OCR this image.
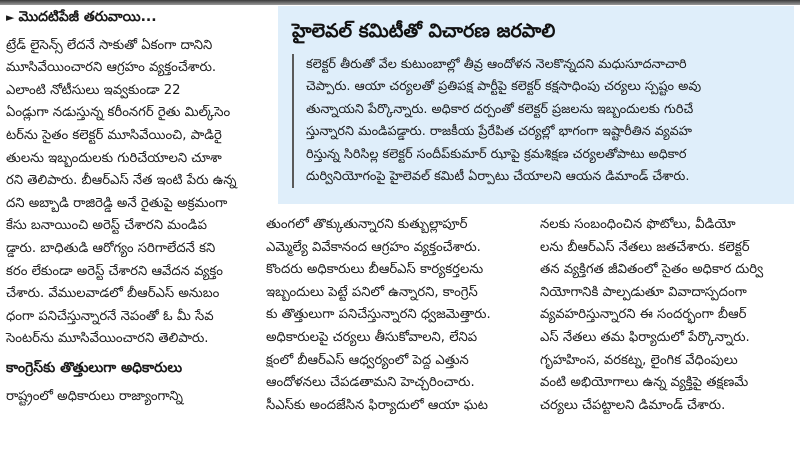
► మొదటిపేజీ తరువాయి...

ట్రేడ్ లైసెన్స్ లేదనే సాకుతో ఏకంగా దానిని

మూసివేయించారని ఆగ్రహం వ్యక్తంచేశారు.

ఎలాంటి నోటీసులు ఇవ్వకుండా 22

ఏండ్లుగా నడుస్తున్న కరీంనగర్ రైతు మిల్క్‌సెం

టర్‌ను సైతం కలెక్టర్ మూసివేయించి, పాడిరై

తులను ఇబ్బందులకు గురిచేయాలని చూశా

రని తెలిపారు. బీఆర్‌ఎస్ నేత ఇంటి పేరు ఉన్న

దని అబ్బాడి రాజిరెడ్డి అనే రైతుపై అక్రమంగా

కేసు బనాయించి అరెస్ట్ చేశారని మండిప

డ్డారు. బాధితుడి ఆరోగ్యం సరిగాలేదనే కని

కరం లేకుండా అరెస్ట్ చేశారని ఆవేదన వ్యక్తం

చేశారు. వేములవాడలో బీఆర్‌ఎస్ అనుబం

ధంగా పనిచేస్తున్నారనే నెపంతో ఓ మీ సేవ

సెంటర్‌ను మూసివేయించారని తెలిపారు.

కాంగ్రెస్‌కు తొత్తులుగా అధికారులు

రాష్ట్రంలో అధికారులు రాజ్యాంగాన్ని

హైలెవల్ కమిటీతో విచారణ జరపాలి

కలెక్టర్ తీరుతో వేల కుటుంబాల్లో తీవ్ర ఆందోళన నెలకొన్నదని మధుసూదనాచారి

చెప్పారు. ఆయా చర్యలతో ప్రతిపక్ష పార్టీపై కలెక్టర్ కక్షసాధింపు చర్యలు స్పష్టం అవు

తున్నాయని పేర్కొన్నారు. అధికార దర్పంతో కలెక్టర్ ప్రజలను ఇబ్బందులకు గురిచే

స్తున్నారని మండిపడ్డారు. రాజకీయ ప్రేరేపిత చర్యల్లో భాగంగా ఇష్టారీతిన వ్యవహ

రిస్తున్న సిరిసిల్ల కలెక్టర్ సందీప్‌కుమార్ ఝాపై క్రమశిక్షణ చర్యలతోపాటు అధికార

దుర్వినియోగంపై హైలెవల్ కమిటీ ఏర్పాటు చేయాలని ఆయన డిమాండ్ చేశారు.

తుంగలో తొక్కుతున్నారని కుత్బుల్లాపూర్

ఎమ్మెల్యే వివేకానంద ఆగ్రహం వ్యక్తంచేశారు.

కొందరు అధికారులు బీఆర్‌ఎస్ కార్యకర్తలను

ఇబ్బందులు పెట్టే పనిలో ఉన్నారని, కాంగ్రెస్

కు తొత్తులుగా పనిచేస్తున్నారని ధ్వజమెత్తారు.

అధికారులపై చర్యలు తీసుకోవాలని, లేనిప

క్షంలో బీఆర్‌ఎస్ ఆధ్వర్యంలో పెద్ద ఎత్తున

ఆందోళనలు చేపడతామని హెచ్చరించారు.

సీఎస్‌కు అందజేసిన ఫిర్యాదులో ఆయా ఘట

నలకు సంబంధించిన ఫొటోలు, వీడియో

లను బీఆర్‌ఎస్ నేతలు జతచేశారు. కలెక్టర్

తన వ్యక్తిగత జీవితంలో సైతం అధికార దుర్వి

నియోగానికి పాల్పడుతూ వివాదాస్పదంగా

వ్యవహరిస్తున్నారని ఈ సందర్భంగా బీఆర్

ఎస్ నేతలు తమ ఫిర్యాదులో పేర్కొన్నారు.

గృహహింస, వరకట్న, లైంగిక వేధింపులు

వంటి అభియోగాలు ఉన్న వ్యక్తిపై తక్షణమే

చర్యలు చేపట్టాలని డిమాండ్ చేశారు.
